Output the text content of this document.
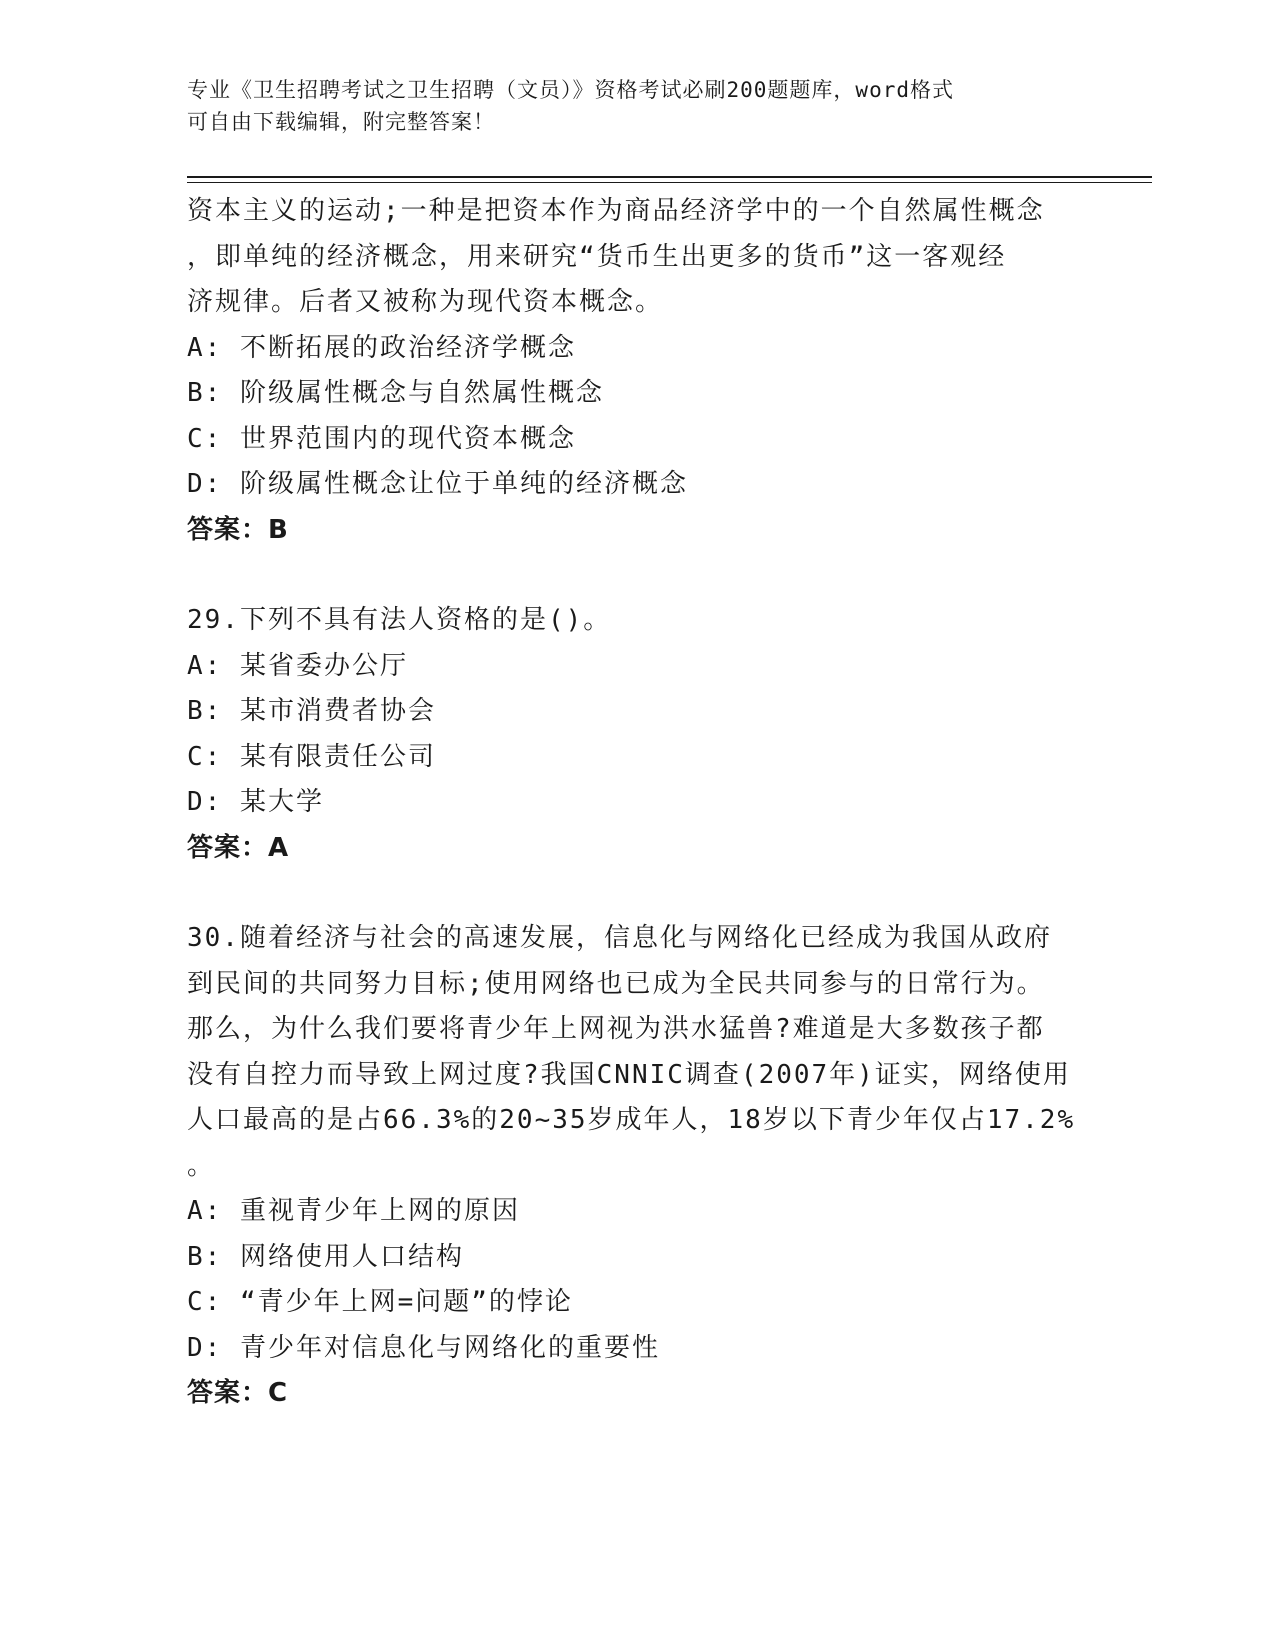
专业《卫生招聘考试之卫生招聘（文员）》资格考试必刷200题题库，word格式
可自由下载编辑，附完整答案！
资本主义的运动;一种是把资本作为商品经济学中的一个自然属性概念
，即单纯的经济概念，用来研究“货币生出更多的货币”这一客观经
济规律。后者又被称为现代资本概念。
A: 不断拓展的政治经济学概念
B: 阶级属性概念与自然属性概念
C: 世界范围内的现代资本概念
D: 阶级属性概念让位于单纯的经济概念
答案：B
29.下列不具有法人资格的是()。
A: 某省委办公厅
B: 某市消费者协会
C: 某有限责任公司
D: 某大学
答案：A
30.随着经济与社会的高速发展，信息化与网络化已经成为我国从政府
到民间的共同努力目标;使用网络也已成为全民共同参与的日常行为。
那么，为什么我们要将青少年上网视为洪水猛兽?难道是大多数孩子都
没有自控力而导致上网过度?我国CNNIC调查(2007年)证实，网络使用
人口最高的是占66.3%的20~35岁成年人，18岁以下青少年仅占17.2%
。
A: 重视青少年上网的原因
B: 网络使用人口结构
C: “青少年上网=问题”的悖论
D: 青少年对信息化与网络化的重要性
答案：C
